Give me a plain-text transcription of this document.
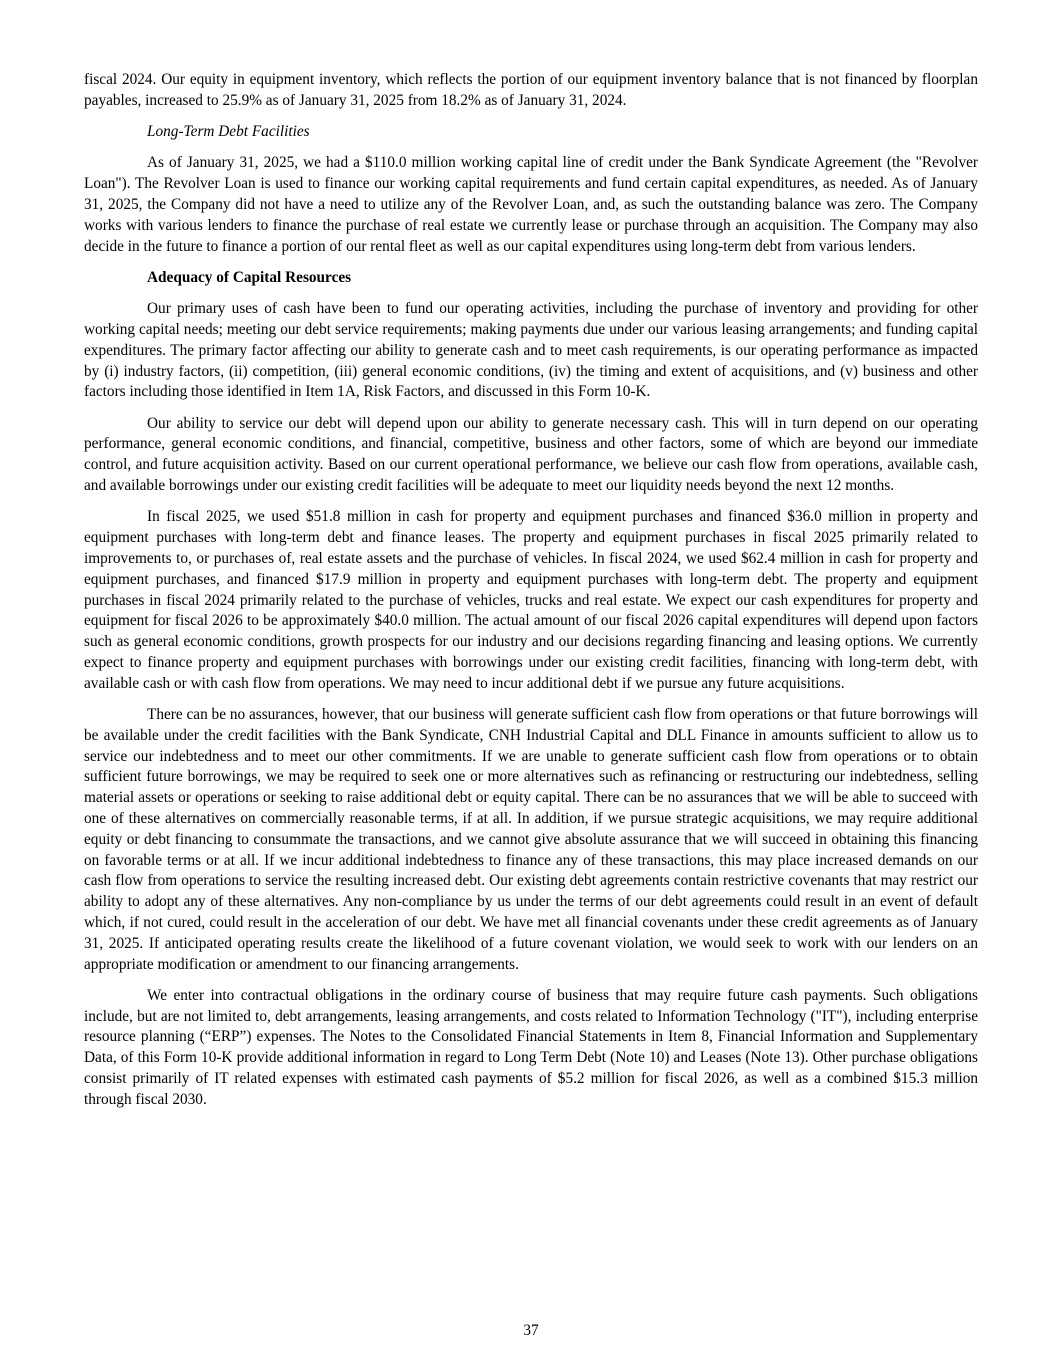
fiscal 2024. Our equity in equipment inventory, which reflects the portion of our equipment inventory balance that is not financed by floorplan payables, increased to 25.9% as of January 31, 2025 from 18.2% as of January 31, 2024.

Long-Term Debt Facilities

As of January 31, 2025, we had a $110.0 million working capital line of credit under the Bank Syndicate Agreement (the "Revolver Loan"). The Revolver Loan is used to finance our working capital requirements and fund certain capital expenditures, as needed. As of January 31, 2025, the Company did not have a need to utilize any of the Revolver Loan, and, as such the outstanding balance was zero. The Company works with various lenders to finance the purchase of real estate we currently lease or purchase through an acquisition. The Company may also decide in the future to finance a portion of our rental fleet as well as our capital expenditures using long-term debt from various lenders.

Adequacy of Capital Resources

Our primary uses of cash have been to fund our operating activities, including the purchase of inventory and providing for other working capital needs; meeting our debt service requirements; making payments due under our various leasing arrangements; and funding capital expenditures. The primary factor affecting our ability to generate cash and to meet cash requirements, is our operating performance as impacted by (i) industry factors, (ii) competition, (iii) general economic conditions, (iv) the timing and extent of acquisitions, and (v) business and other factors including those identified in Item 1A, Risk Factors, and discussed in this Form 10-K.

Our ability to service our debt will depend upon our ability to generate necessary cash. This will in turn depend on our operating performance, general economic conditions, and financial, competitive, business and other factors, some of which are beyond our immediate control, and future acquisition activity. Based on our current operational performance, we believe our cash flow from operations, available cash, and available borrowings under our existing credit facilities will be adequate to meet our liquidity needs beyond the next 12 months.

In fiscal 2025, we used $51.8 million in cash for property and equipment purchases and financed $36.0 million in property and equipment purchases with long-term debt and finance leases. The property and equipment purchases in fiscal 2025 primarily related to improvements to, or purchases of, real estate assets and the purchase of vehicles. In fiscal 2024, we used $62.4 million in cash for property and equipment purchases, and financed $17.9 million in property and equipment purchases with long-term debt. The property and equipment purchases in fiscal 2024 primarily related to the purchase of vehicles, trucks and real estate. We expect our cash expenditures for property and equipment for fiscal 2026 to be approximately $40.0 million. The actual amount of our fiscal 2026 capital expenditures will depend upon factors such as general economic conditions, growth prospects for our industry and our decisions regarding financing and leasing options. We currently expect to finance property and equipment purchases with borrowings under our existing credit facilities, financing with long-term debt, with available cash or with cash flow from operations. We may need to incur additional debt if we pursue any future acquisitions.

There can be no assurances, however, that our business will generate sufficient cash flow from operations or that future borrowings will be available under the credit facilities with the Bank Syndicate, CNH Industrial Capital and DLL Finance in amounts sufficient to allow us to service our indebtedness and to meet our other commitments. If we are unable to generate sufficient cash flow from operations or to obtain sufficient future borrowings, we may be required to seek one or more alternatives such as refinancing or restructuring our indebtedness, selling material assets or operations or seeking to raise additional debt or equity capital. There can be no assurances that we will be able to succeed with one of these alternatives on commercially reasonable terms, if at all. In addition, if we pursue strategic acquisitions, we may require additional equity or debt financing to consummate the transactions, and we cannot give absolute assurance that we will succeed in obtaining this financing on favorable terms or at all. If we incur additional indebtedness to finance any of these transactions, this may place increased demands on our cash flow from operations to service the resulting increased debt. Our existing debt agreements contain restrictive covenants that may restrict our ability to adopt any of these alternatives. Any non-compliance by us under the terms of our debt agreements could result in an event of default which, if not cured, could result in the acceleration of our debt. We have met all financial covenants under these credit agreements as of January 31, 2025. If anticipated operating results create the likelihood of a future covenant violation, we would seek to work with our lenders on an appropriate modification or amendment to our financing arrangements.

We enter into contractual obligations in the ordinary course of business that may require future cash payments. Such obligations include, but are not limited to, debt arrangements, leasing arrangements, and costs related to Information Technology ("IT"), including enterprise resource planning (“ERP”) expenses. The Notes to the Consolidated Financial Statements in Item 8, Financial Information and Supplementary Data, of this Form 10-K provide additional information in regard to Long Term Debt (Note 10) and Leases (Note 13). Other purchase obligations consist primarily of IT related expenses with estimated cash payments of $5.2 million for fiscal 2026, as well as a combined $15.3 million through fiscal 2030.

37
